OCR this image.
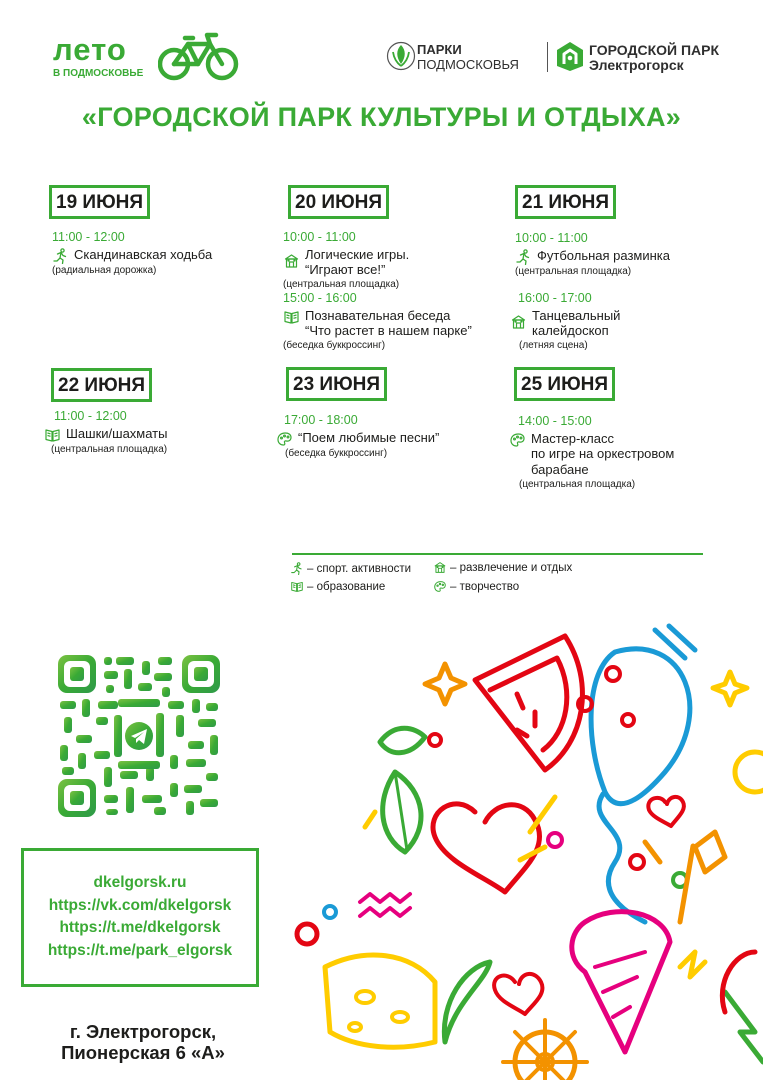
лето
В ПОДМОСКОВЬЕ
ПАРКИ
ПОДМОСКОВЬЯ
ГОРОДСКОЙ ПАРК
Электрогорск
«ГОРОДСКОЙ ПАРК КУЛЬТУРЫ И ОТДЫХА»
19 ИЮНЯ
11:00 - 12:00
Скандинавская ходьба
(радиальная дорожка)
20 ИЮНЯ
10:00 - 11:00
Логические игры.
“Играют все!”
(центральная площадка)
15:00 - 16:00
Познавательная беседа
“Что растет в нашем парке”
(беседка буккроссинг)
21 ИЮНЯ
10:00 - 11:00
Футбольная разминка
(центральная площадка)
16:00 - 17:00
Танцевальный
калейдоскоп
(летняя сцена)
22 ИЮНЯ
11:00 - 12:00
Шашки/шахматы
(центральная площадка)
23 ИЮНЯ
17:00 - 18:00
“Поем любимые песни”
(беседка буккроссинг)
25 ИЮНЯ
14:00 - 15:00
Мастер-класс
по игре на оркестровом
барабане
(центральная площадка)
– спорт. активности	– развлечение и отдых
– образование	– творчество
dkelgorsk.ru
https://vk.com/dkelgorsk
https://t.me/dkelgorsk
https://t.me/park_elgorsk
г. Электрогорск,
Пионерская 6 «А»
